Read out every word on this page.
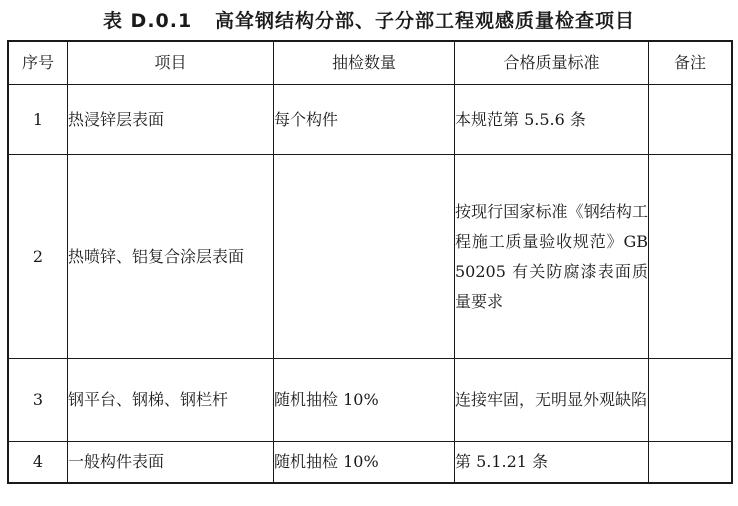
表 D.0.1   高耸钢结构分部、子分部工程观感质量检查项目
序号	项目	抽检数量	合格质量标准	备注
1	热浸锌层表面	每个构件	本规范第 5.5.6 条	
2	热喷锌、铝复合涂层表面		按现行国家标准《钢结构工程施工质量验收规范》GB 50205 有关防腐漆表面质量要求	
3	钢平台、钢梯、钢栏杆	随机抽检 10%	连接牢固，无明显外观缺陷	
4	一般构件表面	随机抽检 10%	第 5.1.21 条	
